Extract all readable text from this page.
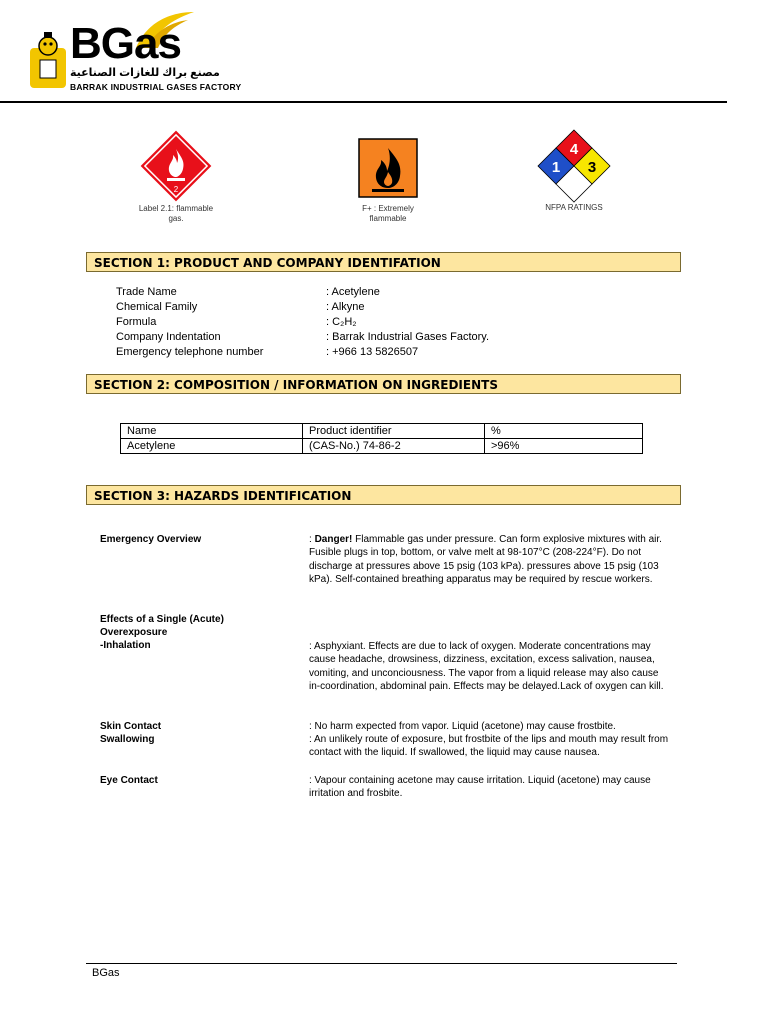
BGas
مصنع براك للغازات الصناعية
BARRAK INDUSTRIAL GASES FACTORY
2
Label 2.1: flammable
gas.
F+ : Extremely
flammable
4
1 3
NFPA RATINGS
SECTION 1: PRODUCT AND COMPANY IDENTIFATION
Trade Name	: Acetylene
Chemical Family	: Alkyne
Formula	: C₂H₂
Company Indentation	: Barrak Industrial Gases Factory.
Emergency telephone number	: +966 13 5826507
SECTION 2: COMPOSITION / INFORMATION ON INGREDIENTS
Name	Product identifier	%
Acetylene	(CAS-No.) 74-86-2	>96%
SECTION 3: HAZARDS IDENTIFICATION
Emergency Overview	: Danger! Flammable gas under pressure. Can form explosive mixtures with air. Fusible plugs in top, bottom, or valve melt at 98-107°C (208-224°F). Do not discharge at pressures above 15 psig (103 kPa). pressures above 15 psig (103 kPa). Self-contained breathing apparatus may be required by rescue workers.
Effects of a Single (Acute)
Overexposure
-Inhalation	: Asphyxiant. Effects are due to lack of oxygen. Moderate concentrations may cause headache, drowsiness, dizziness, excitation, excess salivation, nausea, vomiting, and unconciousness. The vapor from a liquid release may also cause in-coordination, abdominal pain. Effects may be delayed.Lack of oxygen can kill.
Skin Contact	: No harm expected from vapor. Liquid (acetone) may cause frostbite.
Swallowing	: An unlikely route of exposure, but frostbite of the lips and mouth may result from contact with the liquid. If swallowed, the liquid may cause nausea.
Eye Contact	: Vapour containing acetone may cause irritation. Liquid (acetone) may cause irritation and frosbite.
BGas
